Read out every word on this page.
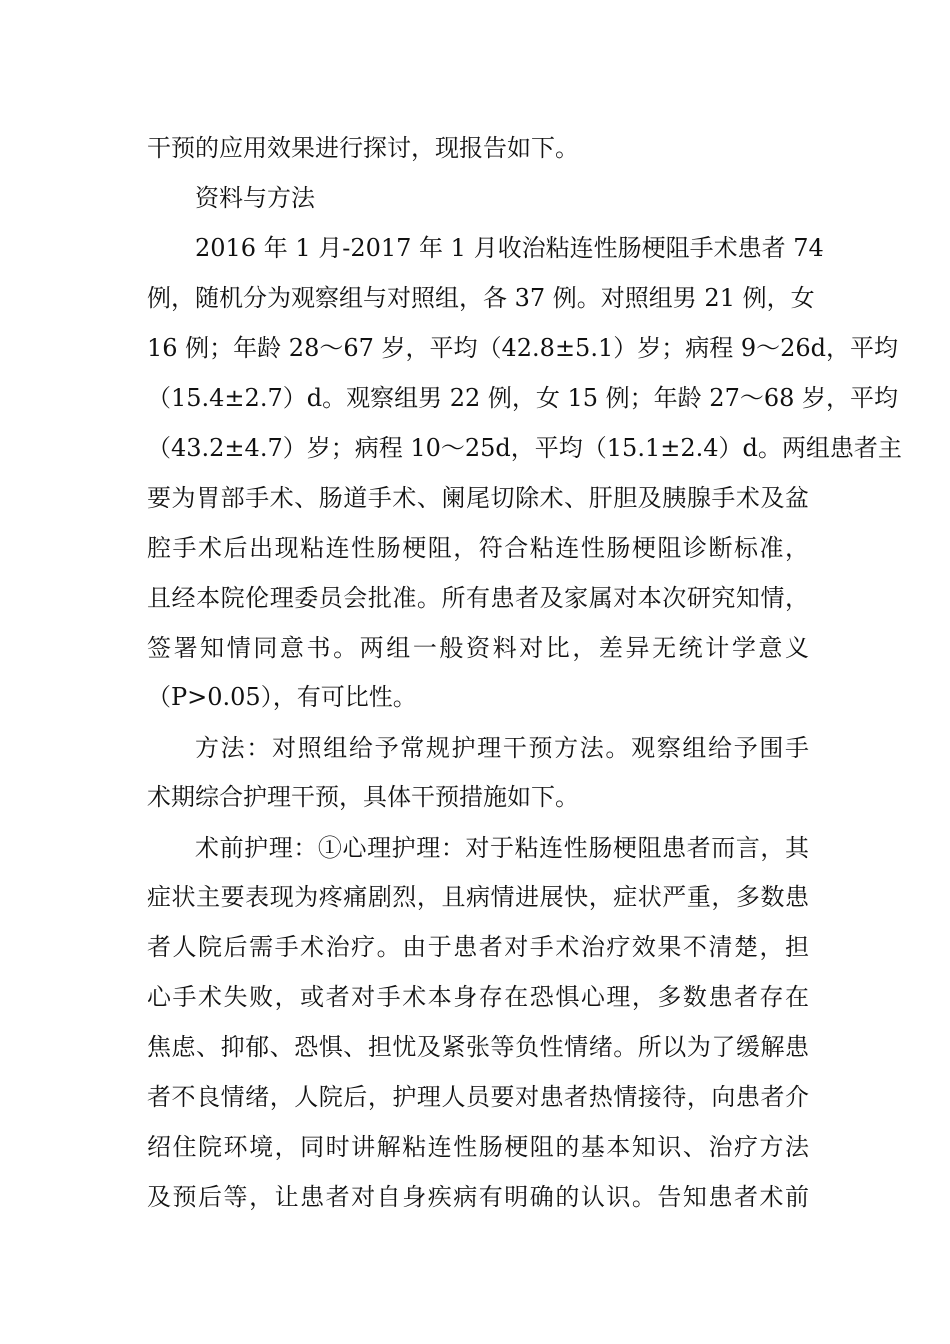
干预的应用效果进行探讨，现报告如下。
资料与方法
2016 年 1 月-2017 年 1 月收治粘连性肠梗阻手术患者 74
例，随机分为观察组与对照组，各 37 例。对照组男 21 例，女
16 例；年龄 28～67 岁，平均（42.8±5.1）岁；病程 9～26d，平均
（15.4±2.7）d。观察组男 22 例，女 15 例；年龄 27～68 岁，平均
（43.2±4.7）岁；病程 10～25d，平均（15.1±2.4）d。两组患者主
要为胃部手术、肠道手术、阑尾切除术、肝胆及胰腺手术及盆
腔手术后出现粘连性肠梗阻，符合粘连性肠梗阻诊断标准，
且经本院伦理委员会批准。所有患者及家属对本次研究知情，
签署知情同意书。两组一般资料对比，差异无统计学意义
（P>0.05），有可比性。
方法：对照组给予常规护理干预方法。观察组给予围手
术期综合护理干预，具体干预措施如下。
术前护理：①心理护理：对于粘连性肠梗阻患者而言，其
症状主要表现为疼痛剧烈，且病情进展快，症状严重，多数患
者人院后需手术治疗。由于患者对手术治疗效果不清楚，担
心手术失败，或者对手术本身存在恐惧心理，多数患者存在
焦虑、抑郁、恐惧、担忧及紧张等负性情绪。所以为了缓解患
者不良情绪，人院后，护理人员要对患者热情接待，向患者介
绍住院环境，同时讲解粘连性肠梗阻的基本知识、治疗方法
及预后等，让患者对自身疾病有明确的认识。告知患者术前
